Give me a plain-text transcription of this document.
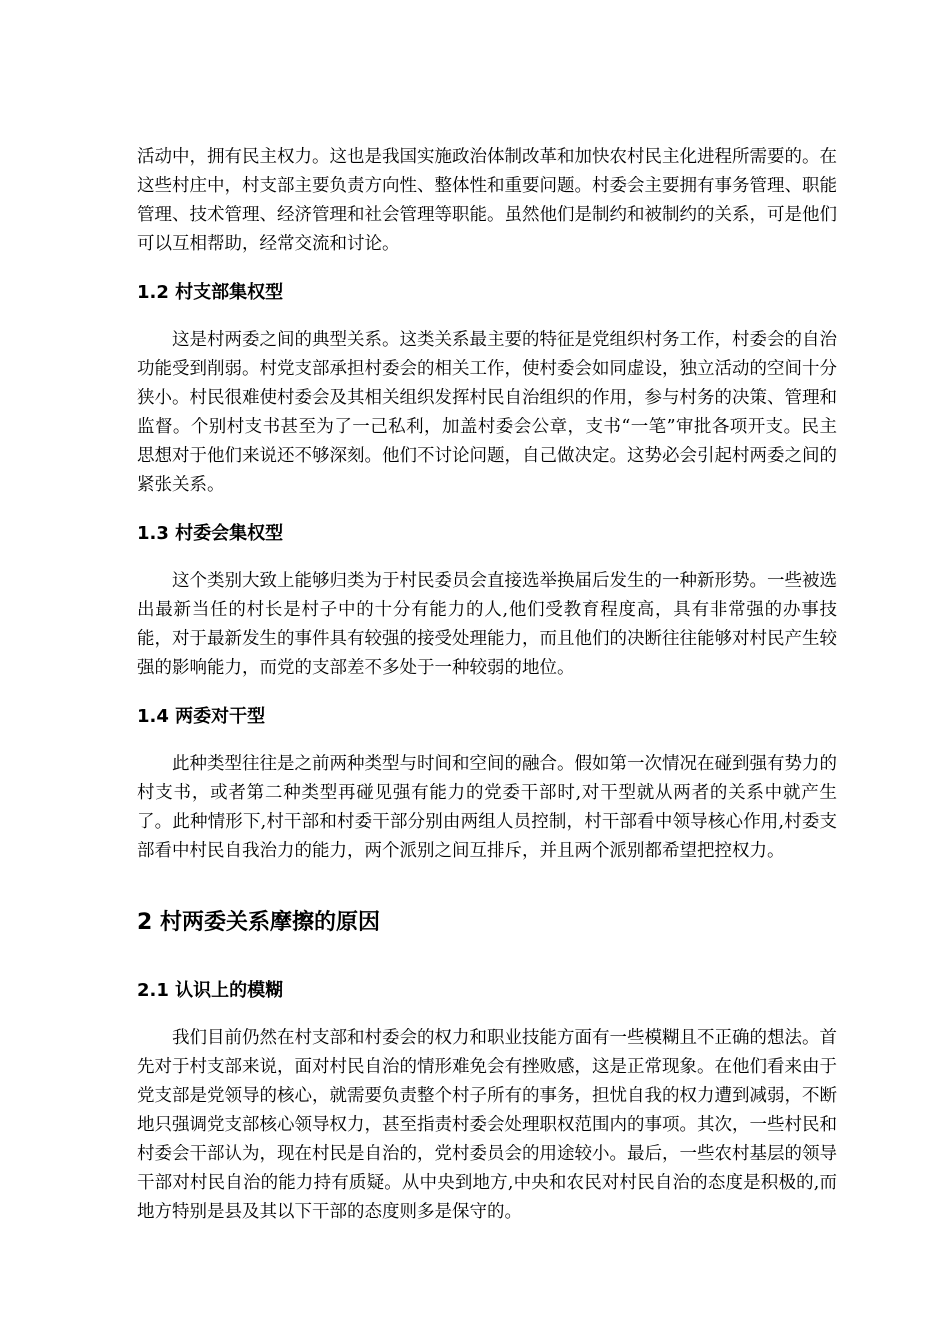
活动中，拥有民主权力。这也是我国实施政治体制改革和加快农村民主化进程所需要的。在这些村庄中，村支部主要负责方向性、整体性和重要问题。村委会主要拥有事务管理、职能管理、技术管理、经济管理和社会管理等职能。虽然他们是制约和被制约的关系，可是他们可以互相帮助，经常交流和讨论。

1.2 村支部集权型

这是村两委之间的典型关系。这类关系最主要的特征是党组织村务工作，村委会的自治功能受到削弱。村党支部承担村委会的相关工作，使村委会如同虚设，独立活动的空间十分狭小。村民很难使村委会及其相关组织发挥村民自治组织的作用，参与村务的决策、管理和监督。个别村支书甚至为了一己私利，加盖村委会公章，支书“一笔”审批各项开支。民主思想对于他们来说还不够深刻。他们不讨论问题，自己做决定。这势必会引起村两委之间的紧张关系。

1.3 村委会集权型

这个类别大致上能够归类为于村民委员会直接选举换届后发生的一种新形势。一些被选出最新当任的村长是村子中的十分有能力的人,他们受教育程度高，具有非常强的办事技能，对于最新发生的事件具有较强的接受处理能力，而且他们的决断往往能够对村民产生较强的影响能力，而党的支部差不多处于一种较弱的地位。

1.4 两委对干型

此种类型往往是之前两种类型与时间和空间的融合。假如第一次情况在碰到强有势力的村支书，或者第二种类型再碰见强有能力的党委干部时,对干型就从两者的关系中就产生了。此种情形下,村干部和村委干部分别由两组人员控制，村干部看中领导核心作用,村委支部看中村民自我治力的能力，两个派别之间互排斥，并且两个派别都希望把控权力。

2 村两委关系摩擦的原因
2.1 认识上的模糊

我们目前仍然在村支部和村委会的权力和职业技能方面有一些模糊且不正确的想法。首先对于村支部来说，面对村民自治的情形难免会有挫败感，这是正常现象。在他们看来由于党支部是党领导的核心，就需要负责整个村子所有的事务，担忧自我的权力遭到减弱，不断地只强调党支部核心领导权力，甚至指责村委会处理职权范围内的事项。其次，一些村民和村委会干部认为，现在村民是自治的，党村委员会的用途较小。最后，一些农村基层的领导干部对村民自治的能力持有质疑。从中央到地方,中央和农民对村民自治的态度是积极的,而地方特别是县及其以下干部的态度则多是保守的。
